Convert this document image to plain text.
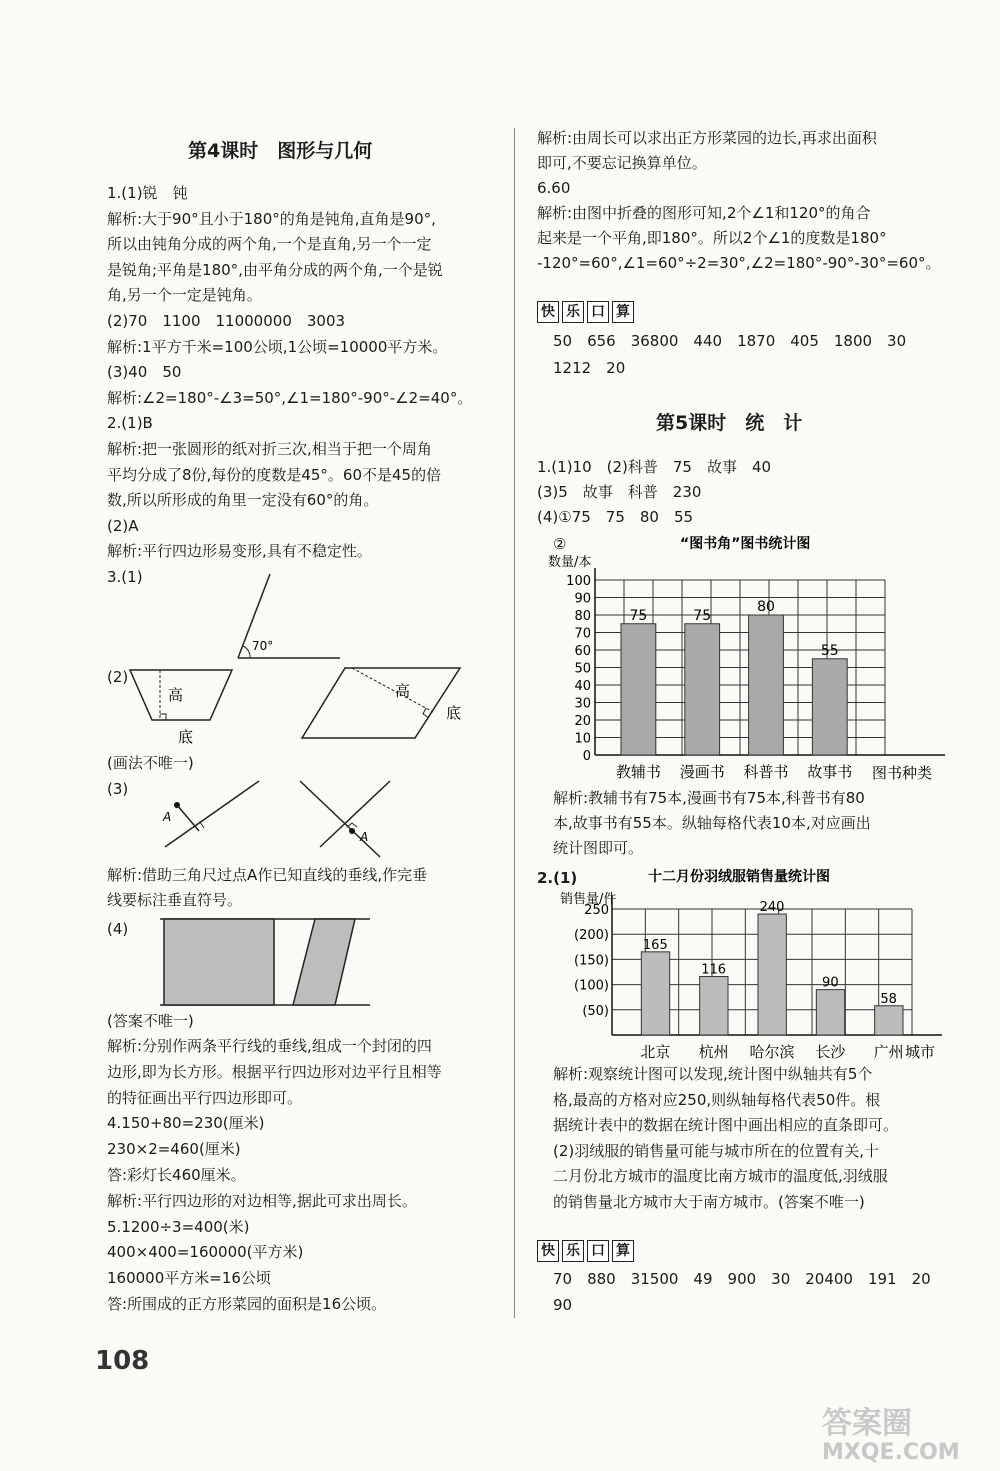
第4课时　图形与几何
1.(1)锐　钝
解析:大于90°且小于180°的角是钝角,直角是90°,
所以由钝角分成的两个角,一个是直角,另一个一定
是锐角;平角是180°,由平角分成的两个角,一个是锐
角,另一个一定是钝角。
(2)70　1100　11000000　3003
解析:1平方千米=100公顷,1公顷=10000平方米。
(3)40　50
解析:∠2=180°-∠3=50°,∠1=180°-90°-∠2=40°。
2.(1)B
解析:把一张圆形的纸对折三次,相当于把一个周角
平均分成了8份,每份的度数是45°。60不是45的倍
数,所以所形成的角里一定没有60°的角。
(2)A
解析:平行四边形易变形,具有不稳定性。
3.(1)
70°
(2)
高
底
高
底
(画法不唯一)
(3)
A
A
解析:借助三角尺过点A作已知直线的垂线,作完垂
线要标注垂直符号。
(4)
(答案不唯一)
解析:分别作两条平行线的垂线,组成一个封闭的四
边形,即为长方形。根据平行四边形对边平行且相等
的特征画出平行四边形即可。
4.150+80=230(厘米)
230×2=460(厘米)
答:彩灯长460厘米。
解析:平行四边形的对边相等,据此可求出周长。
5.1200÷3=400(米)
400×400=160000(平方米)
160000平方米=16公顷
答:所围成的正方形菜园的面积是16公顷。
108
解析:由周长可以求出正方形菜园的边长,再求出面积
即可,不要忘记换算单位。
6.60
解析:由图中折叠的图形可知,2个∠1和120°的角合
起来是一个平角,即180°。所以2个∠1的度数是180°
-120°=60°,∠1=60°÷2=30°,∠2=180°-90°-30°=60°。
快 乐 口 算
50　656　36800　440　1870　405　1800　30
1212　20
第5课时　统　计
1.(1)10　(2)科普　75　故事　40
(3)5　故事　科普　230
(4)①75　75　80　55
②	“图书角”图书统计图
数量/本
图书种类
0
10
20
30
40
50
60
70
80
90
100
75
教辅书
75
漫画书
80
科普书
55
故事书
解析:教辅书有75本,漫画书有75本,科普书有80
本,故事书有55本。纵轴每格代表10本,对应画出
统计图即可。
2.(1)	十二月份羽绒服销售量统计图
销售量/件
城市
250
(200)
(150)
(100)
(50)
165
北京
116
杭州
240
哈尔滨
90
长沙
58
广州
解析:观察统计图可以发现,统计图中纵轴共有5个
格,最高的方格对应250,则纵轴每格代表50件。根
据统计表中的数据在统计图中画出相应的直条即可。
(2)羽绒服的销售量可能与城市所在的位置有关,十
二月份北方城市的温度比南方城市的温度低,羽绒服
的销售量北方城市大于南方城市。(答案不唯一)
快 乐 口 算
70　880　31500　49　900　30　20400　191　20
90
答案圈
MXQE.COM
